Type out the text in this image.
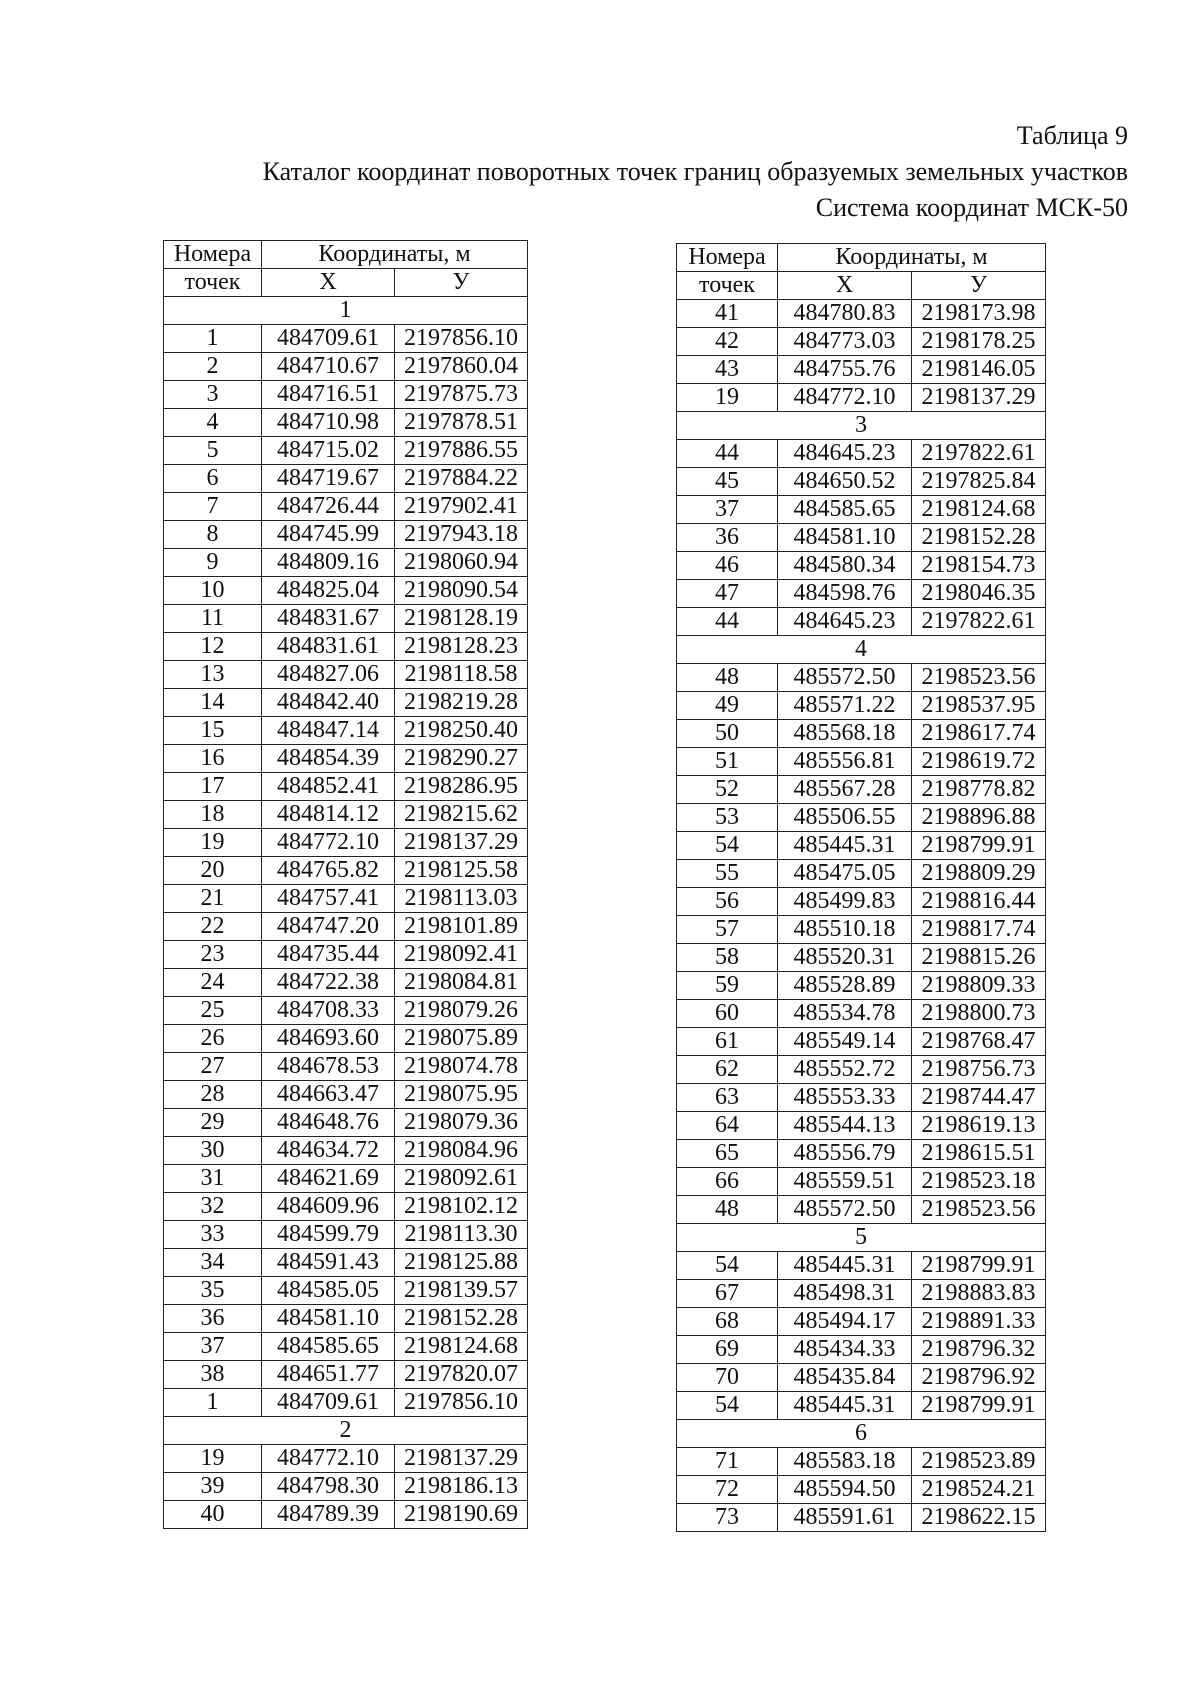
Таблица 9
Каталог координат поворотных точек границ образуемых земельных участков
Система координат МСК-50
Номера	Координаты, м	
точек	X	У
1		
1	484709.61	2197856.10
2	484710.67	2197860.04
3	484716.51	2197875.73
4	484710.98	2197878.51
5	484715.02	2197886.55
6	484719.67	2197884.22
7	484726.44	2197902.41
8	484745.99	2197943.18
9	484809.16	2198060.94
10	484825.04	2198090.54
11	484831.67	2198128.19
12	484831.61	2198128.23
13	484827.06	2198118.58
14	484842.40	2198219.28
15	484847.14	2198250.40
16	484854.39	2198290.27
17	484852.41	2198286.95
18	484814.12	2198215.62
19	484772.10	2198137.29
20	484765.82	2198125.58
21	484757.41	2198113.03
22	484747.20	2198101.89
23	484735.44	2198092.41
24	484722.38	2198084.81
25	484708.33	2198079.26
26	484693.60	2198075.89
27	484678.53	2198074.78
28	484663.47	2198075.95
29	484648.76	2198079.36
30	484634.72	2198084.96
31	484621.69	2198092.61
32	484609.96	2198102.12
33	484599.79	2198113.30
34	484591.43	2198125.88
35	484585.05	2198139.57
36	484581.10	2198152.28
37	484585.65	2198124.68
38	484651.77	2197820.07
1	484709.61	2197856.10
2		
19	484772.10	2198137.29
39	484798.30	2198186.13
40	484789.39	2198190.69
Номера	Координаты, м	
точек	X	У
41	484780.83	2198173.98
42	484773.03	2198178.25
43	484755.76	2198146.05
19	484772.10	2198137.29
3		
44	484645.23	2197822.61
45	484650.52	2197825.84
37	484585.65	2198124.68
36	484581.10	2198152.28
46	484580.34	2198154.73
47	484598.76	2198046.35
44	484645.23	2197822.61
4		
48	485572.50	2198523.56
49	485571.22	2198537.95
50	485568.18	2198617.74
51	485556.81	2198619.72
52	485567.28	2198778.82
53	485506.55	2198896.88
54	485445.31	2198799.91
55	485475.05	2198809.29
56	485499.83	2198816.44
57	485510.18	2198817.74
58	485520.31	2198815.26
59	485528.89	2198809.33
60	485534.78	2198800.73
61	485549.14	2198768.47
62	485552.72	2198756.73
63	485553.33	2198744.47
64	485544.13	2198619.13
65	485556.79	2198615.51
66	485559.51	2198523.18
48	485572.50	2198523.56
5		
54	485445.31	2198799.91
67	485498.31	2198883.83
68	485494.17	2198891.33
69	485434.33	2198796.32
70	485435.84	2198796.92
54	485445.31	2198799.91
6		
71	485583.18	2198523.89
72	485594.50	2198524.21
73	485591.61	2198622.15
